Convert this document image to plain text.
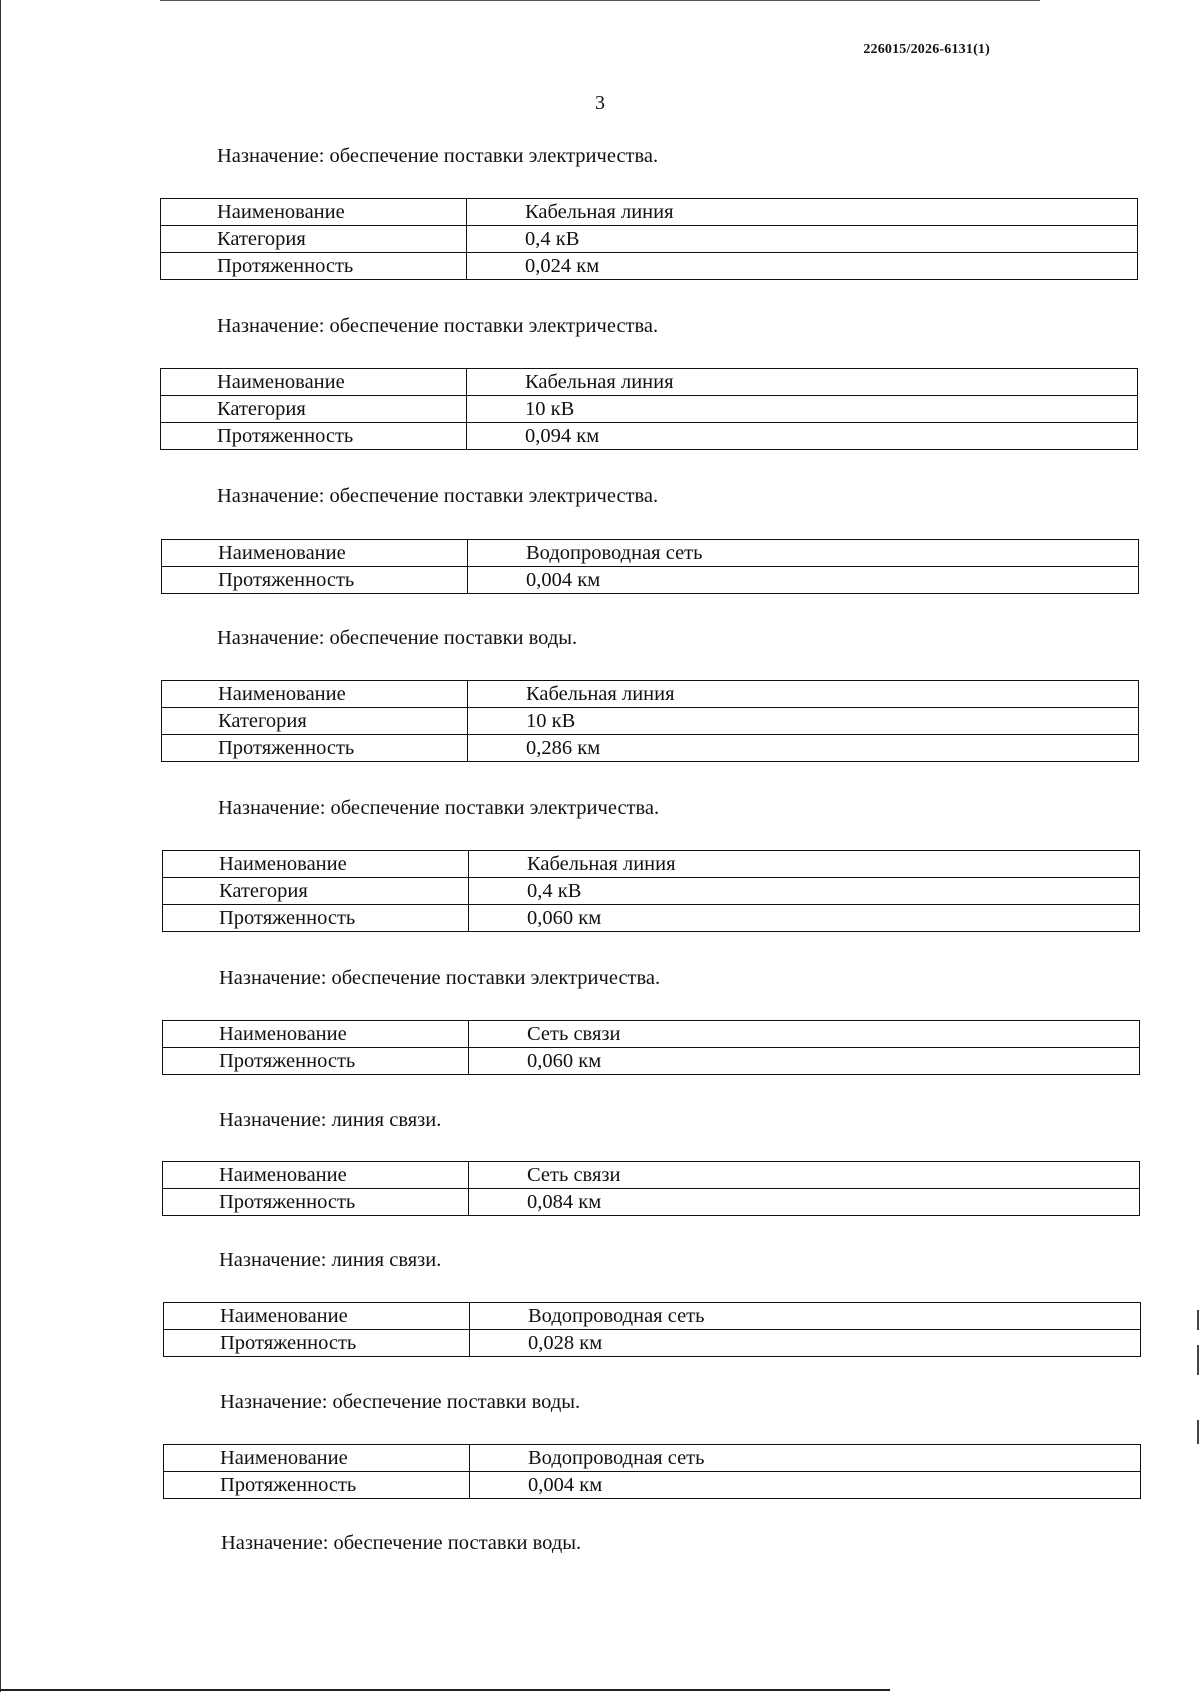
226015/2026-6131(1)
3
Назначение: обеспечение поставки электричества.
Наименование	Кабельная линия
Категория	0,4 кВ
Протяженность	0,024 км
Назначение: обеспечение поставки электричества.
Наименование	Кабельная линия
Категория	10 кВ
Протяженность	0,094 км
Назначение: обеспечение поставки электричества.
Наименование	Водопроводная сеть
Протяженность	0,004 км
Назначение: обеспечение поставки воды.
Наименование	Кабельная линия
Категория	10 кВ
Протяженность	0,286 км
Назначение: обеспечение поставки электричества.
Наименование	Кабельная линия
Категория	0,4 кВ
Протяженность	0,060 км
Назначение: обеспечение поставки электричества.
Наименование	Сеть связи
Протяженность	0,060 км
Назначение: линия связи.
Наименование	Сеть связи
Протяженность	0,084 км
Назначение: линия связи.
Наименование	Водопроводная сеть
Протяженность	0,028 км
Назначение: обеспечение поставки воды.
Наименование	Водопроводная сеть
Протяженность	0,004 км
Назначение: обеспечение поставки воды.
